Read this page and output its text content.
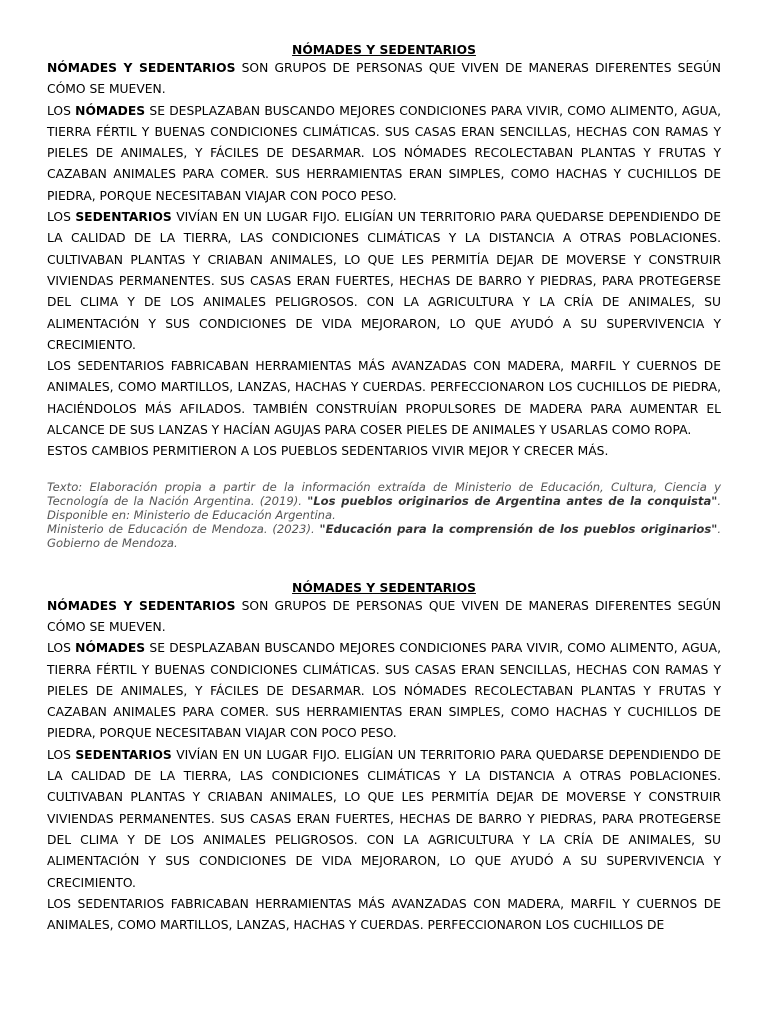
NÓMADES Y SEDENTARIOS

NÓMADES Y SEDENTARIOS SON GRUPOS DE PERSONAS QUE VIVEN DE MANERAS DIFERENTES SEGÚN CÓMO SE MUEVEN.

LOS NÓMADES SE DESPLAZABAN BUSCANDO MEJORES CONDICIONES PARA VIVIR, COMO ALIMENTO, AGUA, TIERRA FÉRTIL Y BUENAS CONDICIONES CLIMÁTICAS. SUS CASAS ERAN SENCILLAS, HECHAS CON RAMAS Y PIELES DE ANIMALES, Y FÁCILES DE DESARMAR. LOS NÓMADES RECOLECTABAN PLANTAS Y FRUTAS Y CAZABAN ANIMALES PARA COMER. SUS HERRAMIENTAS ERAN SIMPLES, COMO HACHAS Y CUCHILLOS DE PIEDRA, PORQUE NECESITABAN VIAJAR CON POCO PESO.

LOS SEDENTARIOS VIVÍAN EN UN LUGAR FIJO. ELIGÍAN UN TERRITORIO PARA QUEDARSE DEPENDIENDO DE LA CALIDAD DE LA TIERRA, LAS CONDICIONES CLIMÁTICAS Y LA DISTANCIA A OTRAS POBLACIONES. CULTIVABAN PLANTAS Y CRIABAN ANIMALES, LO QUE LES PERMITÍA DEJAR DE MOVERSE Y CONSTRUIR VIVIENDAS PERMANENTES. SUS CASAS ERAN FUERTES, HECHAS DE BARRO Y PIEDRAS, PARA PROTEGERSE DEL CLIMA Y DE LOS ANIMALES PELIGROSOS. CON LA AGRICULTURA Y LA CRÍA DE ANIMALES, SU ALIMENTACIÓN Y SUS CONDICIONES DE VIDA MEJORARON, LO QUE AYUDÓ A SU SUPERVIVENCIA Y CRECIMIENTO.

LOS SEDENTARIOS FABRICABAN HERRAMIENTAS MÁS AVANZADAS CON MADERA, MARFIL Y CUERNOS DE ANIMALES, COMO MARTILLOS, LANZAS, HACHAS Y CUERDAS. PERFECCIONARON LOS CUCHILLOS DE PIEDRA, HACIÉNDOLOS MÁS AFILADOS. TAMBIÉN CONSTRUÍAN PROPULSORES DE MADERA PARA AUMENTAR EL ALCANCE DE SUS LANZAS Y HACÍAN AGUJAS PARA COSER PIELES DE ANIMALES Y USARLAS COMO ROPA.

ESTOS CAMBIOS PERMITIERON A LOS PUEBLOS SEDENTARIOS VIVIR MEJOR Y CRECER MÁS.

Texto: Elaboración propia a partir de la información extraída de Ministerio de Educación, Cultura, Ciencia y Tecnología de la Nación Argentina. (2019). "Los pueblos originarios de Argentina antes de la conquista". Disponible en: Ministerio de Educación Argentina.

Ministerio de Educación de Mendoza. (2023). "Educación para la comprensión de los pueblos originarios". Gobierno de Mendoza.

NÓMADES Y SEDENTARIOS

NÓMADES Y SEDENTARIOS SON GRUPOS DE PERSONAS QUE VIVEN DE MANERAS DIFERENTES SEGÚN CÓMO SE MUEVEN.

LOS NÓMADES SE DESPLAZABAN BUSCANDO MEJORES CONDICIONES PARA VIVIR, COMO ALIMENTO, AGUA, TIERRA FÉRTIL Y BUENAS CONDICIONES CLIMÁTICAS. SUS CASAS ERAN SENCILLAS, HECHAS CON RAMAS Y PIELES DE ANIMALES, Y FÁCILES DE DESARMAR. LOS NÓMADES RECOLECTABAN PLANTAS Y FRUTAS Y CAZABAN ANIMALES PARA COMER. SUS HERRAMIENTAS ERAN SIMPLES, COMO HACHAS Y CUCHILLOS DE PIEDRA, PORQUE NECESITABAN VIAJAR CON POCO PESO.

LOS SEDENTARIOS VIVÍAN EN UN LUGAR FIJO. ELIGÍAN UN TERRITORIO PARA QUEDARSE DEPENDIENDO DE LA CALIDAD DE LA TIERRA, LAS CONDICIONES CLIMÁTICAS Y LA DISTANCIA A OTRAS POBLACIONES. CULTIVABAN PLANTAS Y CRIABAN ANIMALES, LO QUE LES PERMITÍA DEJAR DE MOVERSE Y CONSTRUIR VIVIENDAS PERMANENTES. SUS CASAS ERAN FUERTES, HECHAS DE BARRO Y PIEDRAS, PARA PROTEGERSE DEL CLIMA Y DE LOS ANIMALES PELIGROSOS. CON LA AGRICULTURA Y LA CRÍA DE ANIMALES, SU ALIMENTACIÓN Y SUS CONDICIONES DE VIDA MEJORARON, LO QUE AYUDÓ A SU SUPERVIVENCIA Y CRECIMIENTO.

LOS SEDENTARIOS FABRICABAN HERRAMIENTAS MÁS AVANZADAS CON MADERA, MARFIL Y CUERNOS DE ANIMALES, COMO MARTILLOS, LANZAS, HACHAS Y CUERDAS. PERFECCIONARON LOS CUCHILLOS DE
